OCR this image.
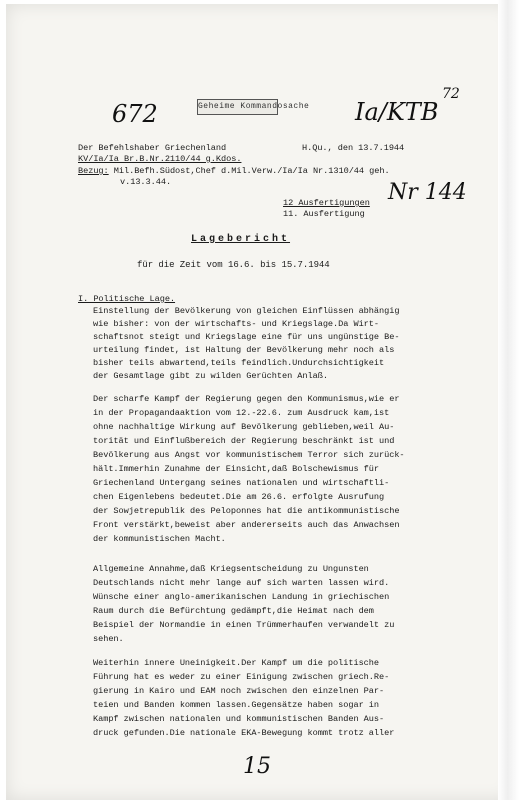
672	Geheime Kommandosache Ia/KTB
72
Der Befehlshaber Griechenland	H.Qu., den 13.7.1944
KV/Ia/Ia Br.B.Nr.2110/44 g.Kdos.
Bezug: Mil.Befh.Südost,Chef d.Mil.Verw./Ia/Ia Nr.1310/44 geh.
v.13.3.44.
12 Ausfertigungen
11. Ausfertigung
Nr 144
Lagebericht
für die Zeit vom 16.6. bis 15.7.1944
I. Politische Lage.
Einstellung der Bevölkerung von gleichen Einflüssen abhängig
wie bisher: von der wirtschafts- und Kriegslage.Da Wirt-
schaftsnot steigt und Kriegslage eine für uns ungünstige Be-
urteilung findet, ist Haltung der Bevölkerung mehr noch als
bisher teils abwartend,teils feindlich.Undurchsichtigkeit
der Gesamtlage gibt zu wilden Gerüchten Anlaß.
Der scharfe Kampf der Regierung gegen den Kommunismus,wie er
in der Propagandaaktion vom 12.-22.6. zum Ausdruck kam,ist
ohne nachhaltige Wirkung auf Bevölkerung geblieben,weil Au-
torität und Einflußbereich der Regierung beschränkt ist und
Bevölkerung aus Angst vor kommunistischem Terror sich zurück-
hält.Immerhin Zunahme der Einsicht,daß Bolschewismus für
Griechenland Untergang seines nationalen und wirtschaftli-
chen Eigenlebens bedeutet.Die am 26.6. erfolgte Ausrufung
der Sowjetrepublik des Peloponnes hat die antikommunistische
Front verstärkt,beweist aber andererseits auch das Anwachsen
der kommunistischen Macht.
Allgemeine Annahme,daß Kriegsentscheidung zu Ungunsten
Deutschlands nicht mehr lange auf sich warten lassen wird.
Wünsche einer anglo-amerikanischen Landung in griechischen
Raum durch die Befürchtung gedämpft,die Heimat nach dem
Beispiel der Normandie in einen Trümmerhaufen verwandelt zu
sehen.
Weiterhin innere Uneinigkeit.Der Kampf um die politische
Führung hat es weder zu einer Einigung zwischen griech.Re-
gierung in Kairo und EAM noch zwischen den einzelnen Par-
teien und Banden kommen lassen.Gegensätze haben sogar in
Kampf zwischen nationalen und kommunistischen Banden Aus-
druck gefunden.Die nationale EKA-Bewegung kommt trotz aller
15
